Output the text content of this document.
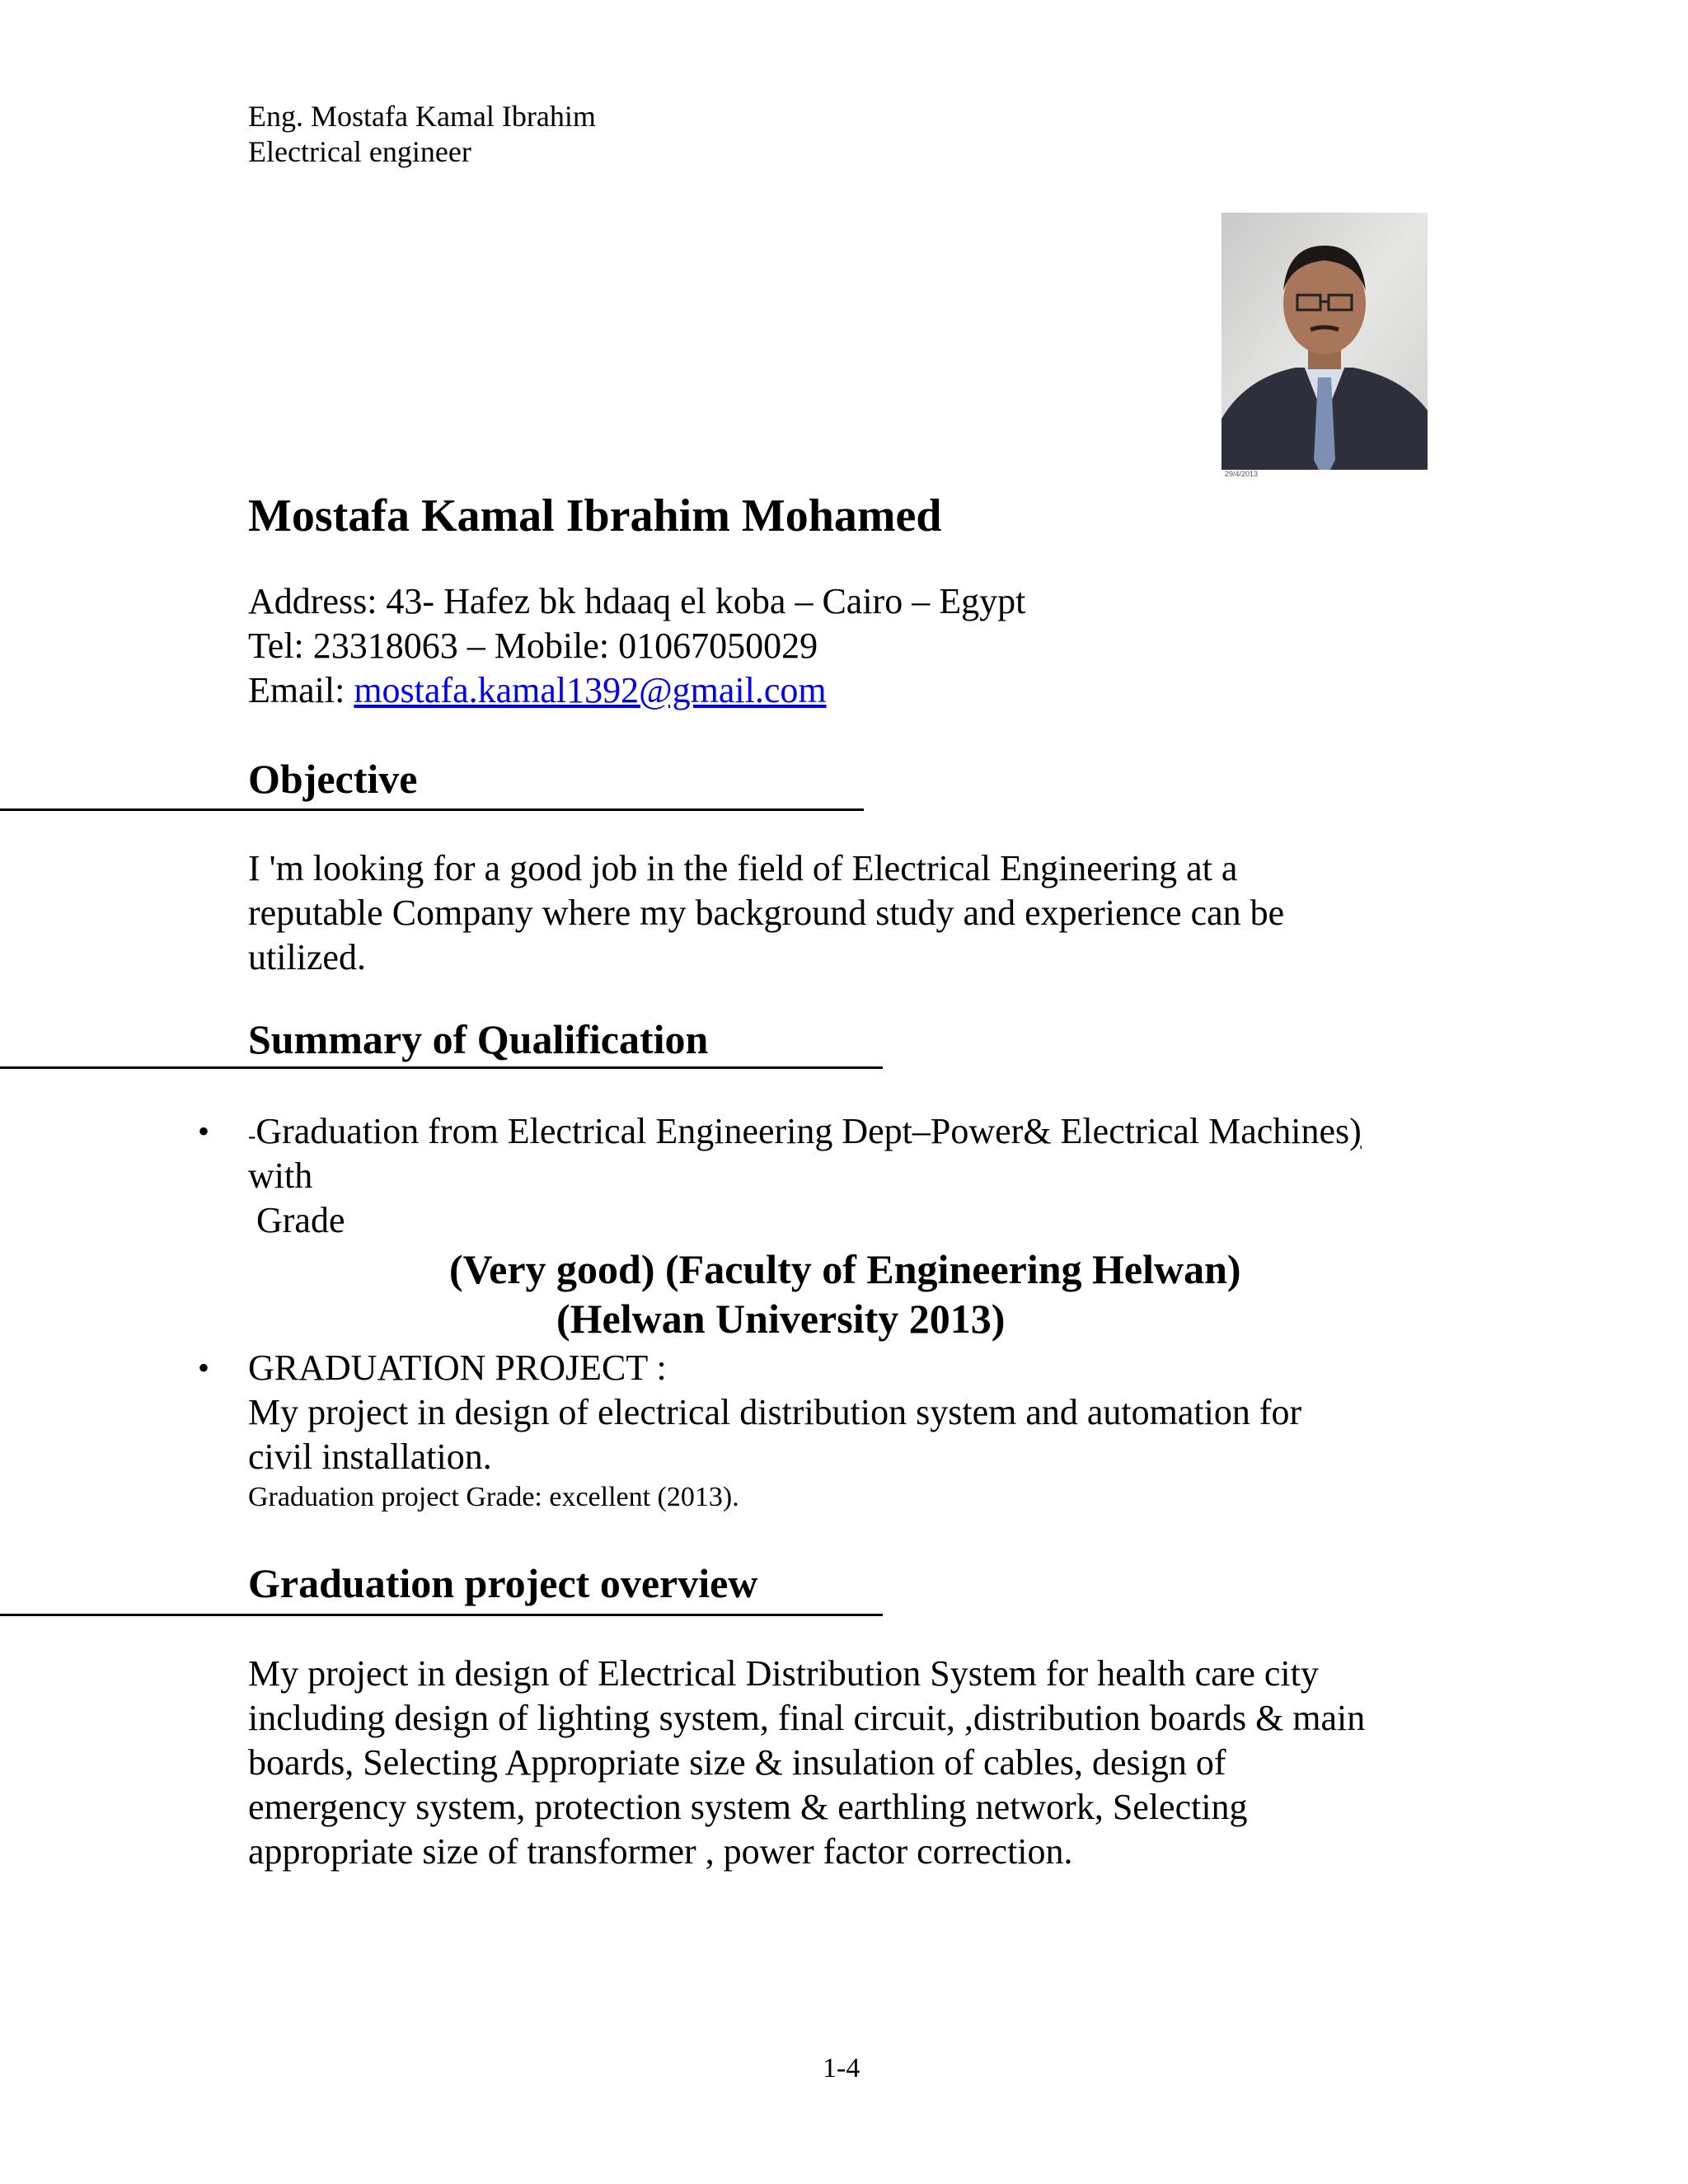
Eng. Mostafa Kamal Ibrahim
Electrical engineer
29/4/2013
Mostafa Kamal Ibrahim Mohamed
Address: 43- Hafez bk hdaaq el koba – Cairo – Egypt
Tel: 23318063 – Mobile: 01067050029
Email: mostafa.kamal1392@gmail.com
Objective
I 'm looking for a good job in the field of Electrical Engineering at a
reputable Company where my background study and experience can be
utilized.
Summary of Qualification
• -Graduation from Electrical Engineering Dept–Power& Electrical Machines)
with
Grade
(Very good) (Faculty of Engineering Helwan)
(Helwan University 2013)
• GRADUATION PROJECT :
My project in design of electrical distribution system and automation for
civil installation.
Graduation project Grade: excellent (2013).
Graduation project overview
My project in design of Electrical Distribution System for health care city
including design of lighting system, final circuit, ,distribution boards & main
boards, Selecting Appropriate size & insulation of cables, design of
emergency system, protection system & earthling network, Selecting
appropriate size of transformer , power factor correction.
1-4
